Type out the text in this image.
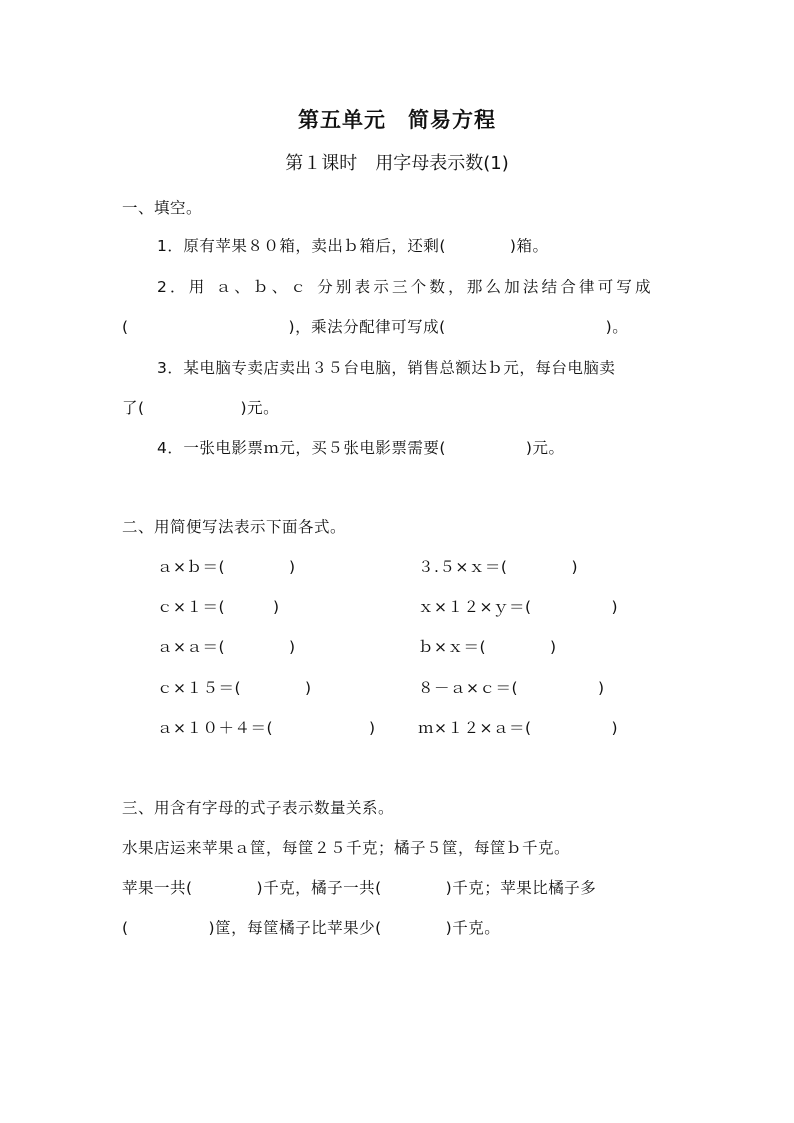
第五单元　简易方程
第１课时　用字母表示数(1)
一、填空。
1．原有苹果８０箱，卖出ｂ箱后，还剩(　　　　)箱。
2．用 ａ、ｂ、ｃ 分别表示三个数，那么加法结合律可写成
(　　　　　　　　　　)，乘法分配律可写成(　　　　　　　　　　)。
3．某电脑专卖店卖出３５台电脑，销售总额达ｂ元，每台电脑卖
了(　　　　　　)元。
4．一张电影票ｍ元，买５张电影票需要(　　　　　)元。
二、用简便写法表示下面各式。
ａ×ｂ＝(　　　　)	３.５×ｘ＝(　　　　)
ｃ×１＝(　　　)	ｘ×１２×ｙ＝(　　　　　)
ａ×ａ＝(　　　　)	ｂ×ｘ＝(　　　　)
ｃ×１５＝(　　　　)	８－ａ×ｃ＝(　　　　　)
ａ×１０＋４＝(　　　　　　)	ｍ×１２×ａ＝(　　　　　)
三、用含有字母的式子表示数量关系。
水果店运来苹果ａ筐，每筐２５千克；橘子５筐，每筐ｂ千克。
苹果一共(　　　　)千克，橘子一共(　　　　)千克；苹果比橘子多
(　　　　　)筐，每筐橘子比苹果少(　　　　)千克。
